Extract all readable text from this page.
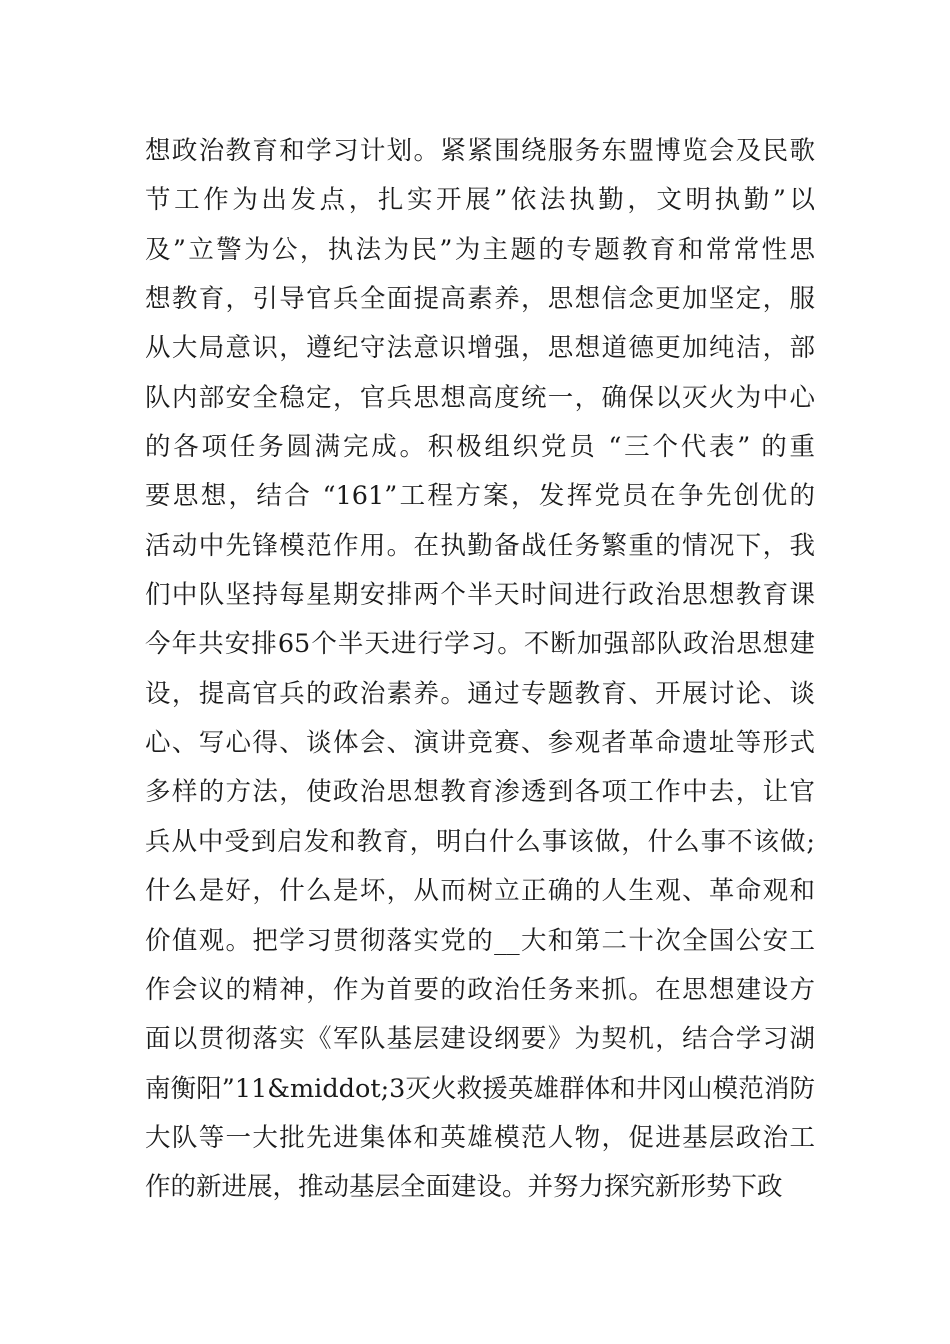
想政治教育和学习计划。紧紧围绕服务东盟博览会及民歌
节工作为出发点，扎实开展”依法执勤，文明执勤”以
及”立警为公，执法为民”为主题的专题教育和常常性思
想教育，引导官兵全面提高素养，思想信念更加坚定，服
从大局意识，遵纪守法意识增强，思想道德更加纯洁，部
队内部安全稳定，官兵思想高度统一，确保以灭火为中心
的各项任务圆满完成。积极组织党员 “三个代表” 的重
要思想，结合 “161”工程方案，发挥党员在争先创优的
活动中先锋模范作用。在执勤备战任务繁重的情况下，我
们中队坚持每星期安排两个半天时间进行政治思想教育课
今年共安排65个半天进行学习。不断加强部队政治思想建
设，提高官兵的政治素养。通过专题教育、开展讨论、谈
心、写心得、谈体会、演讲竞赛、参观者革命遗址等形式
多样的方法，使政治思想教育渗透到各项工作中去，让官
兵从中受到启发和教育，明白什么事该做，什么事不该做;
什么是好，什么是坏，从而树立正确的人生观、革命观和
价值观。把学习贯彻落实党的__大和第二十次全国公安工
作会议的精神，作为首要的政治任务来抓。在思想建设方
面以贯彻落实《军队基层建设纲要》为契机，结合学习湖
南衡阳”11&middot;3灭火救援英雄群体和井冈山模范消防
大队等一大批先进集体和英雄模范人物，促进基层政治工
作的新进展，推动基层全面建设。并努力探究新形势下政
